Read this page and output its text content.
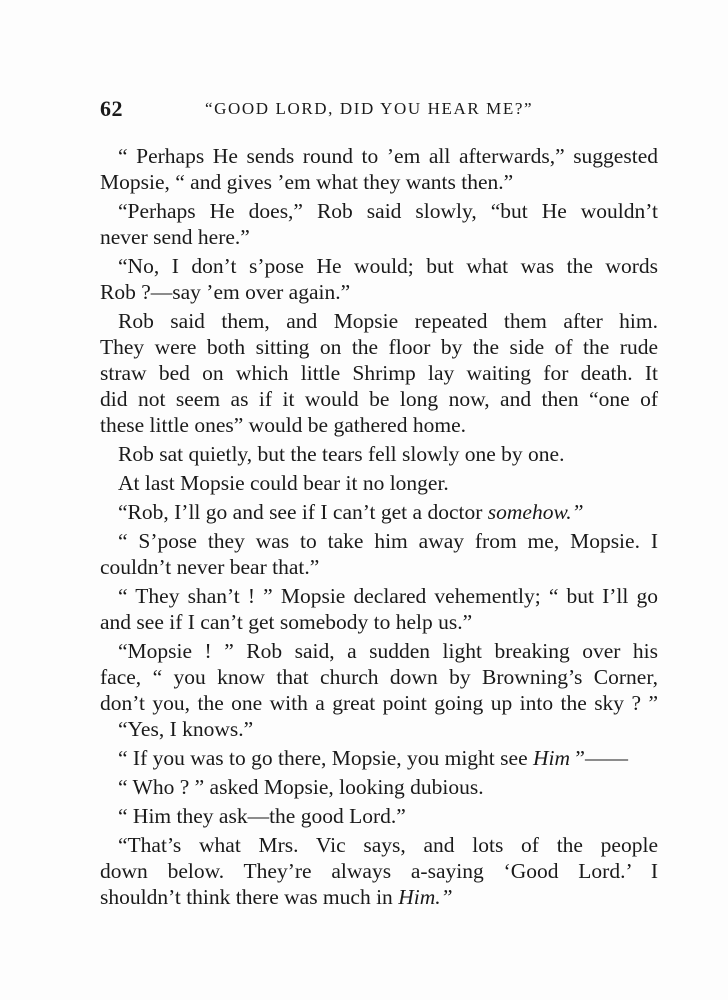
62	“GOOD LORD, DID YOU HEAR ME?”
“ Perhaps He sends round to ’em all afterwards,” suggested
Mopsie, “ and gives ’em what they wants then.”
“Perhaps He does,” Rob said slowly, “but He wouldn’t
never send here.”
“No, I don’t s’pose He would; but what was the words
Rob ?—say ’em over again.”
Rob said them, and Mopsie repeated them after him.
They were both sitting on the floor by the side of the rude
straw bed on which little Shrimp lay waiting for death. It
did not seem as if it would be long now, and then “one of
these little ones” would be gathered home.
Rob sat quietly, but the tears fell slowly one by one.
At last Mopsie could bear it no longer.
“Rob, I’ll go and see if I can’t get a doctor somehow.”
“ S’pose they was to take him away from me, Mopsie. I
couldn’t never bear that.”
“ They shan’t ! ” Mopsie declared vehemently; “ but I’ll go
and see if I can’t get somebody to help us.”
“Mopsie ! ” Rob said, a sudden light breaking over his
face, “ you know that church down by Browning’s Corner,
don’t you, the one with a great point going up into the sky ? ”
“Yes, I knows.”
“ If you was to go there, Mopsie, you might see Him ”——
“ Who ? ” asked Mopsie, looking dubious.
“ Him they ask—the good Lord.”
“That’s what Mrs. Vic says, and lots of the people
down below. They’re always a-saying ‘Good Lord.’ I
shouldn’t think there was much in Him.”
